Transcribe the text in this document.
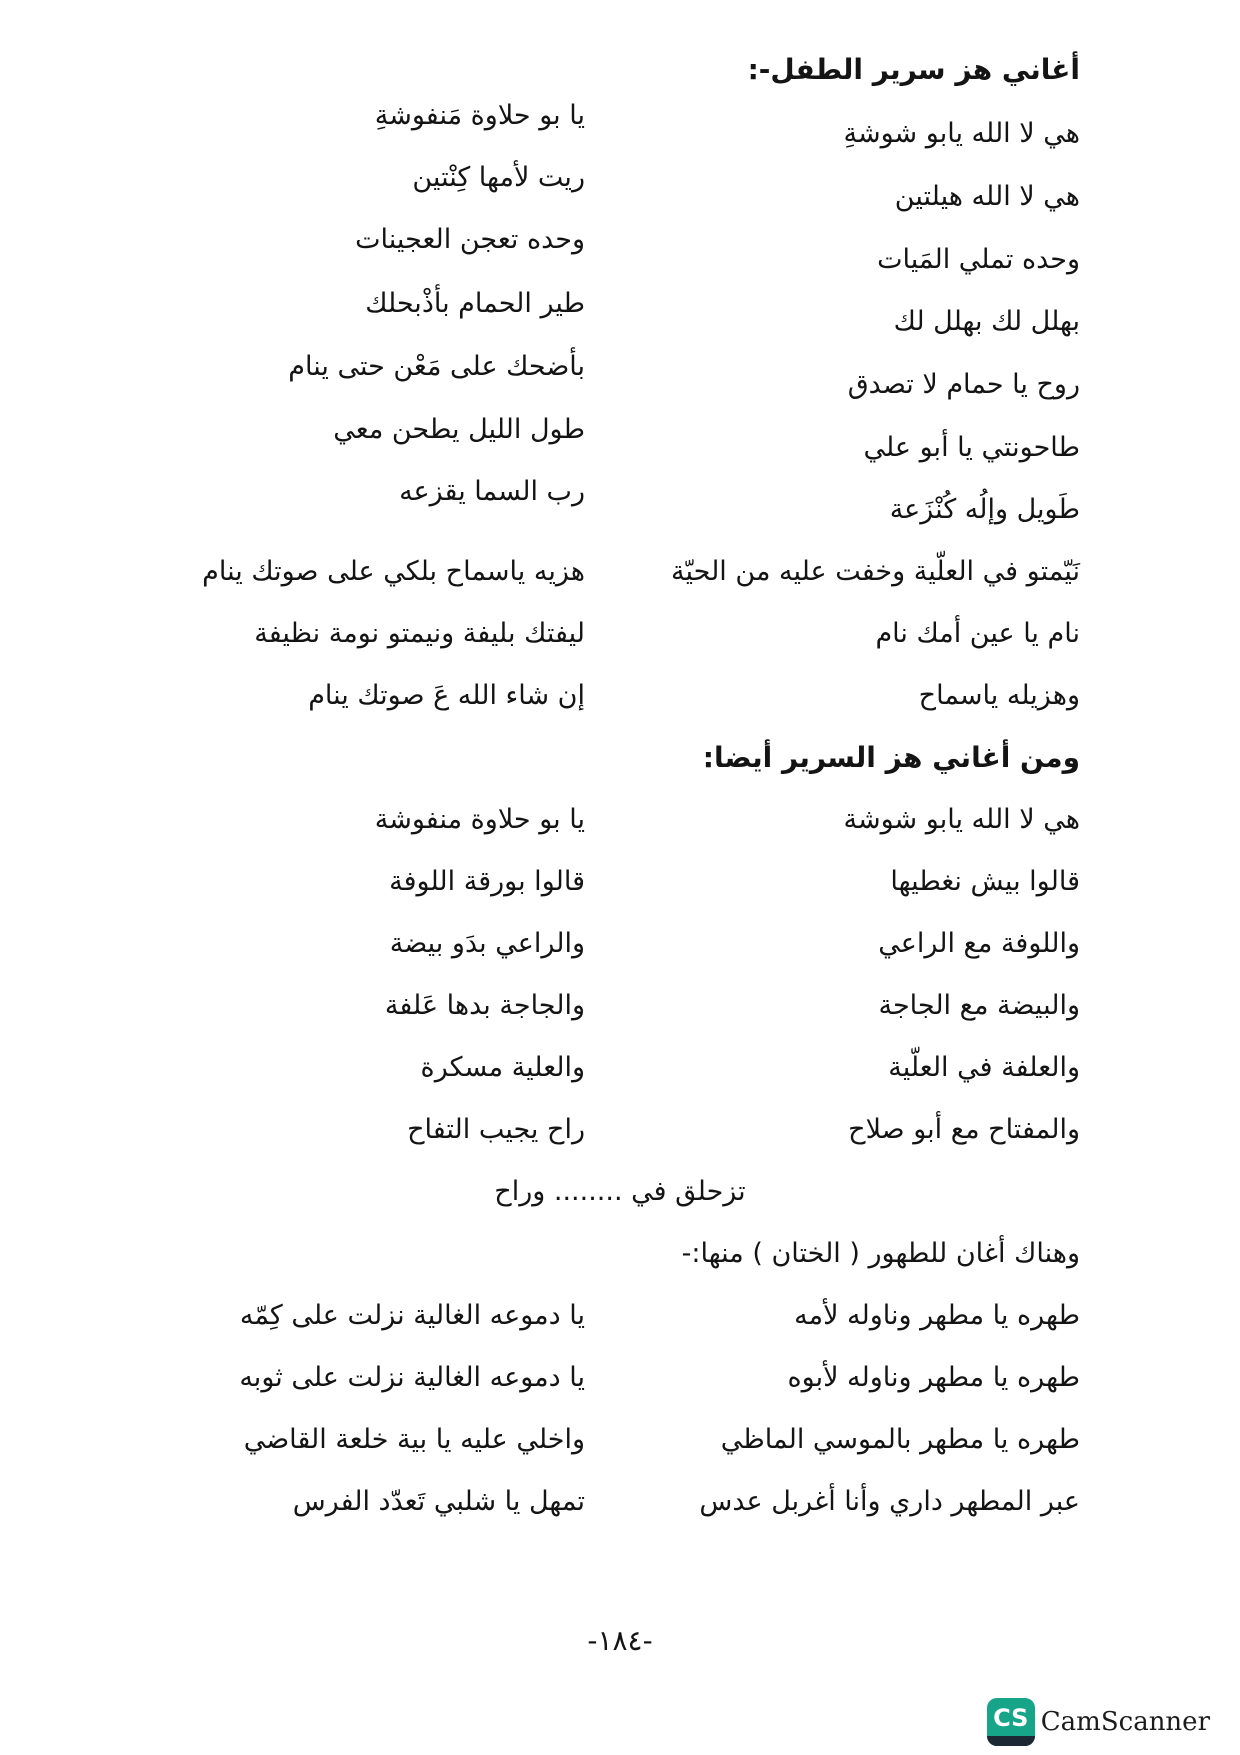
أغاني هز سرير الطفل-:
هي لا الله يابو شوشةِ
يا بو حلاوة مَنفوشةِ
هي لا الله هيلتين
ريت لأمها كِنْتين
وحده تملي المَيات
وحده تعجن العجينات
بهلل لك بهلل لك
طير الحمام بأذْبحلك
روح يا حمام لا تصدق
بأضحك على مَعْن حتى ينام
طاحونتي يا أبو علي
طول الليل يطحن معي
طَويل وإلُه كُنْزَعة
رب السما يقزعه
نَيّمتو في العلّية وخفت عليه من الحيّة
هزيه ياسماح بلكي على صوتك ينام
نام يا عين أمك نام
ليفتك بليفة ونيمتو نومة نظيفة
وهزيله ياسماح
إن شاء الله عَ صوتك ينام
ومن أغاني هز السرير أيضا:
هي لا الله يابو شوشة
يا بو حلاوة منفوشة
قالوا بيش نغطيها
قالوا بورقة اللوفة
واللوفة مع الراعي
والراعي بدَو بيضة
والبيضة مع الجاجة
والجاجة بدها عَلفة
والعلفة في العلّية
والعلية مسكرة
والمفتاح مع أبو صلاح
راح يجيب التفاح
تزحلق في ........ وراح
وهناك أغان للطهور ( الختان ) منها:-
طهره يا مطهر وناوله لأمه
يا دموعه الغالية نزلت على كِمّه
طهره يا مطهر وناوله لأبوه
يا دموعه الغالية نزلت على ثوبه
طهره يا مطهر بالموسي الماظي
واخلي عليه يا بية خلعة القاضي
عبر المطهر داري وأنا أغربل عدس
تمهل يا شلبي تَعدّد الفرس
-١٨٤-
CS CamScanner
